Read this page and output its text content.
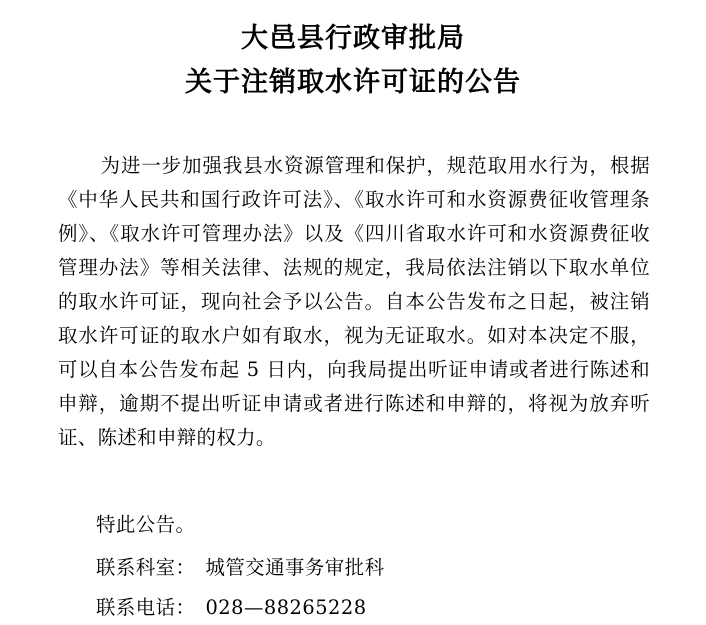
大邑县行政审批局
关于注销取水许可证的公告

为进一步加强我县水资源管理和保护，规范取用水行为，根据《中华人民共和国行政许可法》、《取水许可和水资源费征收管理条例》、《取水许可管理办法》以及《四川省取水许可和水资源费征收管理办法》等相关法律、法规的规定，我局依法注销以下取水单位的取水许可证，现向社会予以公告。自本公告发布之日起，被注销取水许可证的取水户如有取水，视为无证取水。如对本决定不服，可以自本公告发布起 5 日内，向我局提出听证申请或者进行陈述和申辩，逾期不提出听证申请或者进行陈述和申辩的，将视为放弃听证、陈述和申辩的权力。

特此公告。
联系科室： 城管交通事务审批科
联系电话： 028—88265228
